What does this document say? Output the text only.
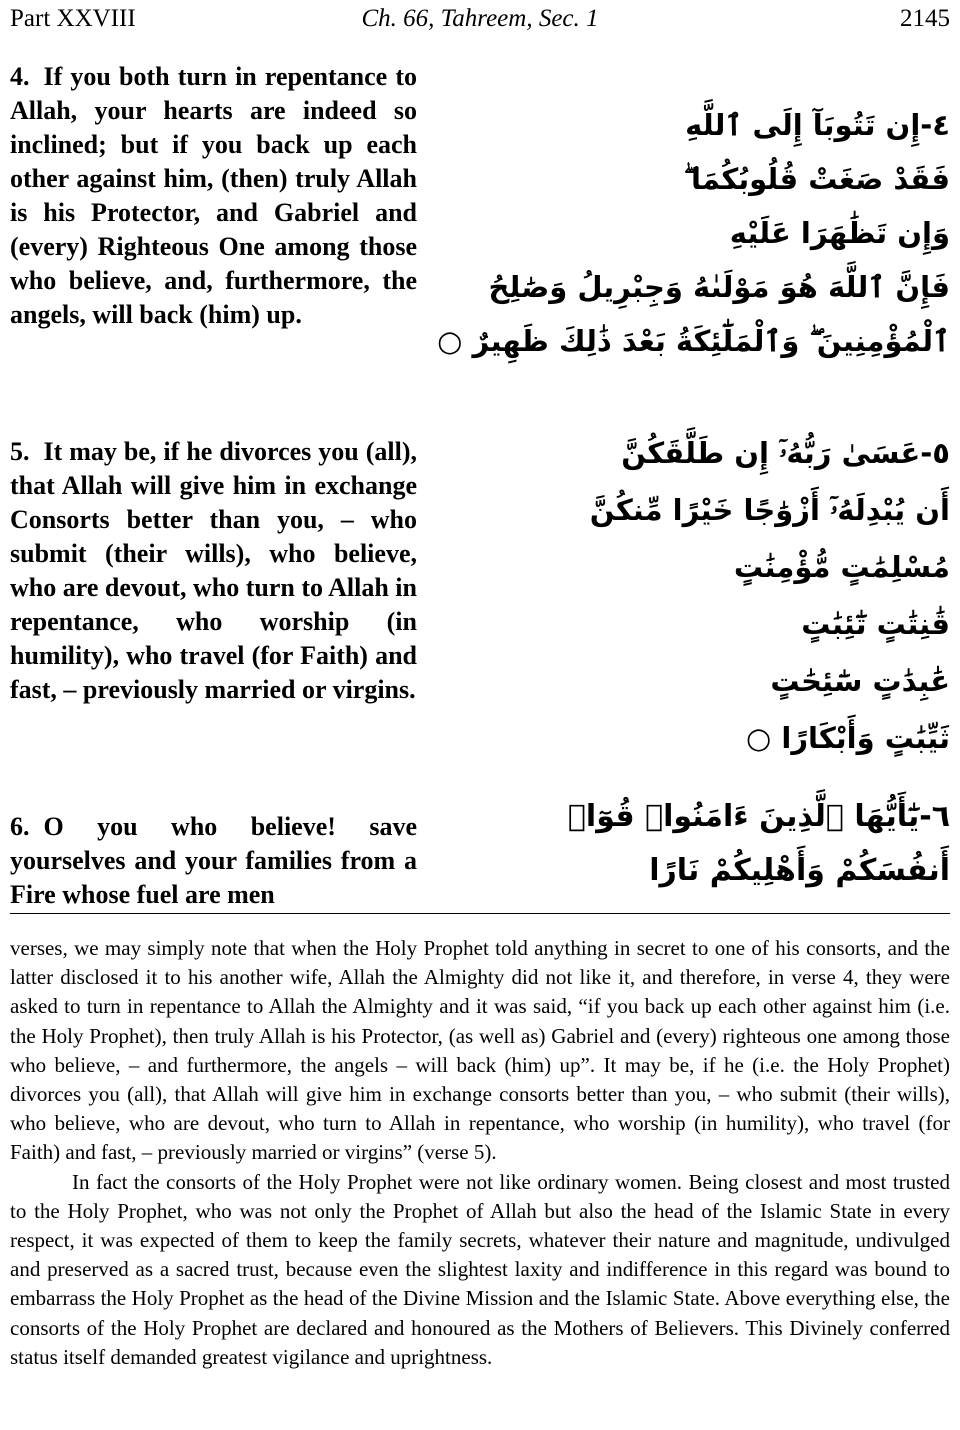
Part XXVIII	Ch. 66, Tahreem, Sec. 1	2145
4. If you both turn in repentance to Allah, your hearts are indeed so inclined; but if you back up each other against him, (then) truly Allah is his Protector, and Gabriel and (every) Righteous One among those who believe, and, furthermore, the angels, will back (him) up.
٤-إِن تَتُوبَآ إِلَى ٱللَّهِ
فَقَدْ صَغَتْ قُلُوبُكُمَا ۖ
وَإِن تَظَٰهَرَا عَلَيْهِ
فَإِنَّ ٱللَّهَ هُوَ مَوْلَىٰهُ وَجِبْرِيلُ وَصَٰلِحُ
ٱلْمُؤْمِنِينَ ۖ وَٱلْمَلَٰٓئِكَةُ بَعْدَ ذَٰلِكَ ظَهِيرٌ ○
5. It may be, if he divorces you (all), that Allah will give him in exchange Consorts better than you, – who submit (their wills), who believe, who are devout, who turn to Allah in repentance, who worship (in humility), who travel (for Faith) and fast, – previously married or virgins.
٥-عَسَىٰ رَبُّهُۥٓ إِن طَلَّقَكُنَّ
أَن يُبْدِلَهُۥٓ أَزْوَٰجًا خَيْرًا مِّنكُنَّ
مُسْلِمَٰتٍ مُّؤْمِنَٰتٍ
قَٰنِتَٰتٍ تَٰٓئِبَٰتٍ
عَٰبِدَٰتٍ سَٰٓئِحَٰتٍ
ثَيِّبَٰتٍ وَأَبْكَارًا ○
6. O you who believe! save yourselves and your families from a Fire whose fuel are men
٦-يَٰٓأَيُّهَا ٱلَّذِينَ ءَامَنُوا۟ قُوٓا۟
أَنفُسَكُمْ وَأَهْلِيكُمْ نَارًا

verses, we may simply note that when the Holy Prophet told anything in secret to one of his consorts, and the latter disclosed it to his another wife, Allah the Almighty did not like it, and therefore, in verse 4, they were asked to turn in repentance to Allah the Almighty and it was said, “if you back up each other against him (i.e. the Holy Prophet), then truly Allah is his Protector, (as well as) Gabriel and (every) righteous one among those who believe, – and furthermore, the angels – will back (him) up”. It may be, if he (i.e. the Holy Prophet) divorces you (all), that Allah will give him in exchange consorts better than you, – who submit (their wills), who believe, who are devout, who turn to Allah in repentance, who worship (in humility), who travel (for Faith) and fast, – previously married or virgins” (verse 5).

In fact the consorts of the Holy Prophet were not like ordinary women. Being closest and most trusted to the Holy Prophet, who was not only the Prophet of Allah but also the head of the Islamic State in every respect, it was expected of them to keep the family secrets, whatever their nature and magnitude, undivulged and preserved as a sacred trust, because even the slightest laxity and indifference in this regard was bound to embarrass the Holy Prophet as the head of the Divine Mission and the Islamic State. Above everything else, the consorts of the Holy Prophet are declared and honoured as the Mothers of Believers. This Divinely conferred status itself demanded greatest vigilance and uprightness.
